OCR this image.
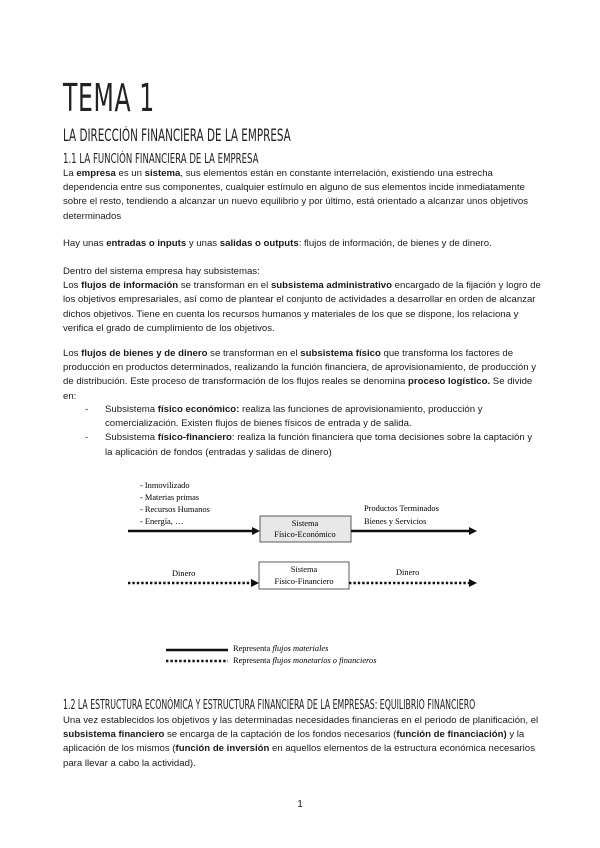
TEMA 1
LA DIRECCIÓN FINANCIERA DE LA EMPRESA
1.1 LA FUNCIÓN FINANCIERA DE LA EMPRESA

La empresa es un sistema, sus elementos están en constante interrelación, existiendo una estrecha dependencia entre sus componentes, cualquier estímulo en alguno de sus elementos incide inmediatamente sobre el resto, tendiendo a alcanzar un nuevo equilibrio y por último, está orientado a alcanzar unos objetivos determinados

Hay unas entradas o inputs y unas salidas o outputs: flujos de información, de bienes y de dinero.

Dentro del sistema empresa hay subsistemas:
Los flujos de información se transforman en el subsistema administrativo encargado de la fijación y logro de los objetivos empresariales, así como de plantear el conjunto de actividades a desarrollar en orden de alcanzar dichos objetivos. Tiene en cuenta los recursos humanos y materiales de los que se dispone, los relaciona y verifica el grado de cumplimiento de los objetivos.

Los flujos de bienes y de dinero se transforman en el subsistema físico que transforma los factores de producción en productos determinados, realizando la función financiera, de aprovisionamiento, de producción y de distribución. Este proceso de transformación de los flujos reales se denomina proceso logístico. Se divide en:

- Subsistema físico económico: realiza las funciones de aprovisionamiento, producción y comercialización. Existen flujos de bienes físicos de entrada y de salida.
- Subsistema físico-financiero: realiza la función financiera que toma decisiones sobre la captación y la aplicación de fondos (entradas y salidas de dinero)
- Inmovilizado
- Materias primas
- Recursos Humanos
- Energía, …	Sistema
Físico-Económico
Productos Terminados
Bienes y Servicios
Dinero	Sistema
Físico-Financiero
Dinero
Representa flujos materiales
Representa flujos monetarios o financieros
1.2 LA ESTRUCTURA ECONÓMICA Y ESTRUCTURA FINANCIERA DE LA EMPRESAS: EQUILIBRIO FINANCIERO

Una vez establecidos los objetivos y las determinadas necesidades financieras en el periodo de planificación, el subsistema financiero se encarga de la captación de los fondos necesarios (función de financiación) y la aplicación de los mismos (función de inversión en aquellos elementos de la estructura económica necesarios para llevar a cabo la actividad).

1
